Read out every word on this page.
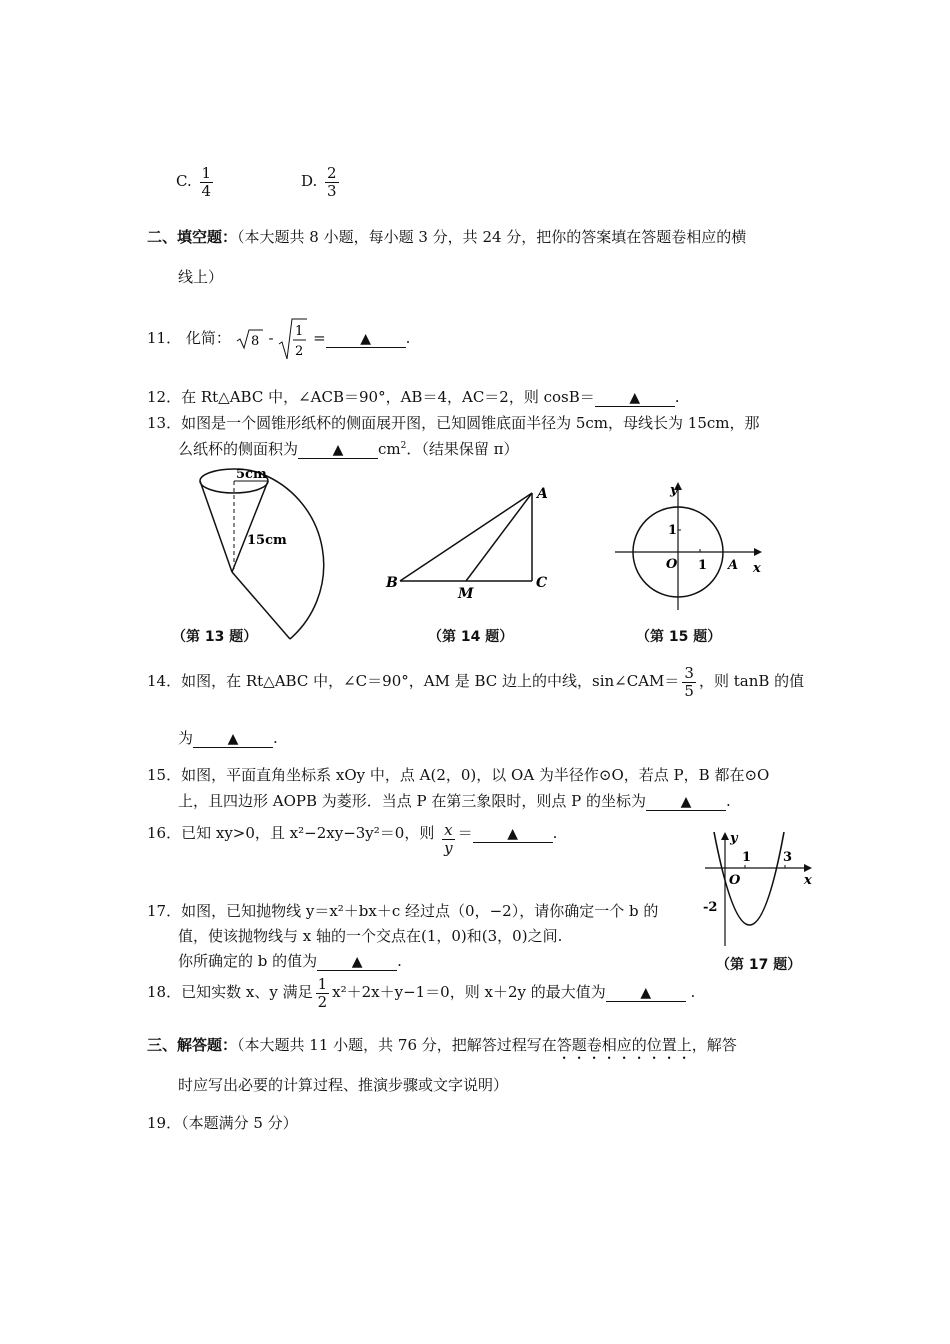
C. $\frac{1}{4}$	D. $\frac{2}{3}$
二、填空题：（本大题共 8 小题，每小题 3 分，共 24 分，把你的答案填在答题卷相应的横
线上）
11． 化简： 8 - 1
2
= ▲ .
12．在 Rt△ABC 中，∠ACB＝90°，AB＝4，AC＝2，则 cosB＝ ▲ .
13．如图是一个圆锥形纸杯的侧面展开图，已知圆锥底面半径为 5cm，母线长为 15cm，那
么纸杯的侧面积为 ▲ $cm^2$．（结果保留 π）
5cm
15cm
（第 13 题）
A
B	C
M
（第 14 题）
y
x
O 1
1
A
（第 15 题）
14．如图，在 Rt△ABC 中，∠C＝90°，AM 是 BC 边上的中线，sin∠CAM＝ $\frac{3}{5}$ ，则 tanB 的值
为 ▲ .
15．如图，平面直角坐标系 xOy 中，点 A(2，0)，以 OA 为半径作⊙O，若点 P，B 都在⊙O
上，且四边形 AOPB 为菱形．当点 P 在第三象限时，则点 P 的坐标为 ▲ .
16．已知 xy>0，且 x²−2xy−3y²＝0，则 $\frac{x}{y}$ ＝ ▲ .	y
x
O
1 3
-2
（第 17 题）
17．如图，已知抛物线 y＝x²＋bx＋c 经过点（0，−2），请你确定一个 b 的
值，使该抛物线与 x 轴的一个交点在(1，0)和(3，0)之间.
你所确定的 b 的值为 ▲ .
18．已知实数 x、y 满足 $\frac{1}{2} x^2+2x+y-1=0$，则 x＋2y 的最大值为 ▲	.
三、解答题：（本大题共 11 小题，共 76 分，把解答过程写在答题卷相应的位置上，解答
时应写出必要的计算过程、推演步骤或文字说明）
19．（本题满分 5 分）
